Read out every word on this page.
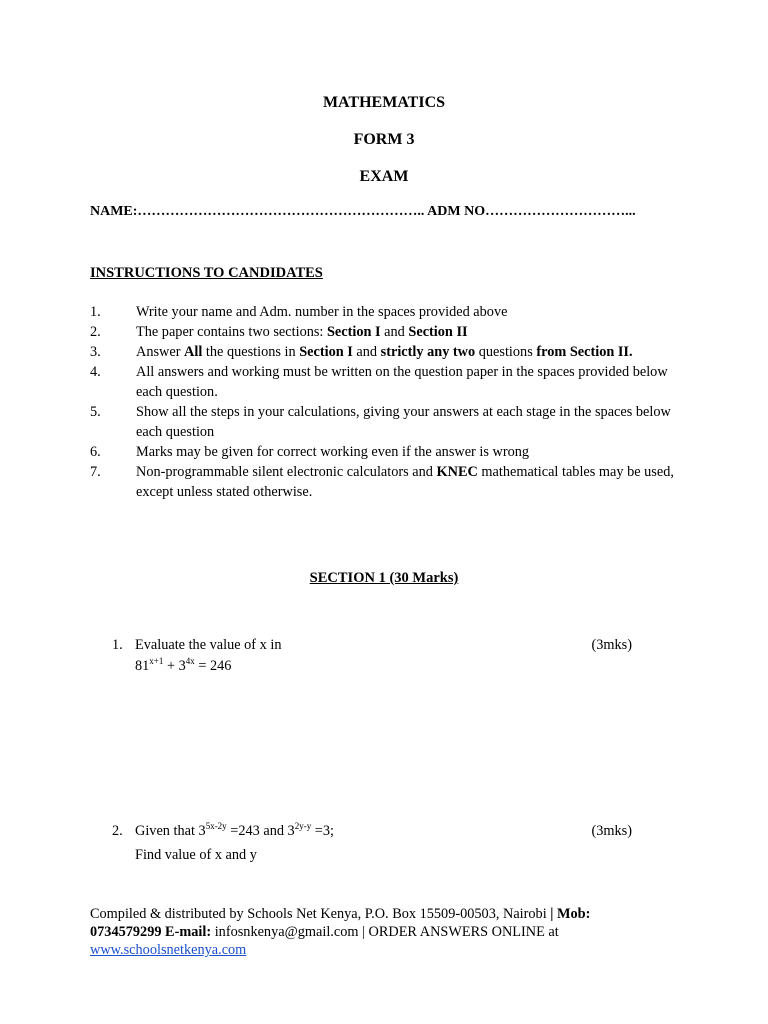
MATHEMATICS
FORM 3
EXAM
NAME:…………………………………………………….. ADM NO…………………………...
INSTRUCTIONS TO CANDIDATES
1.	Write your name and Adm. number in the spaces provided above
2.	The paper contains two sections: Section I and Section II
3.	Answer All the questions in Section I and strictly any two questions from Section II.
4.	All answers and working must be written on the question paper in the spaces provided below each question.
5.	Show all the steps in your calculations, giving your answers at each stage in the spaces below each question
6.	Marks may be given for correct working even if the answer is wrong
7.	Non-programmable silent electronic calculators and KNEC mathematical tables may be used, except unless stated otherwise.
SECTION 1 (30 Marks)
1. Evaluate the value of x in	(3mks)
$81^{x+1} + 3^{4x} = 246$
2. Given that $3^{5x-2y} =243$ and $3^{2y-y} =3$;	(3mks)
Find value of x and y
Compiled & distributed by Schools Net Kenya, P.O. Box 15509-00503, Nairobi | Mob: 0734579299 E-mail: infosnkenya@gmail.com | ORDER ANSWERS ONLINE at
www.schoolsnetkenya.com
